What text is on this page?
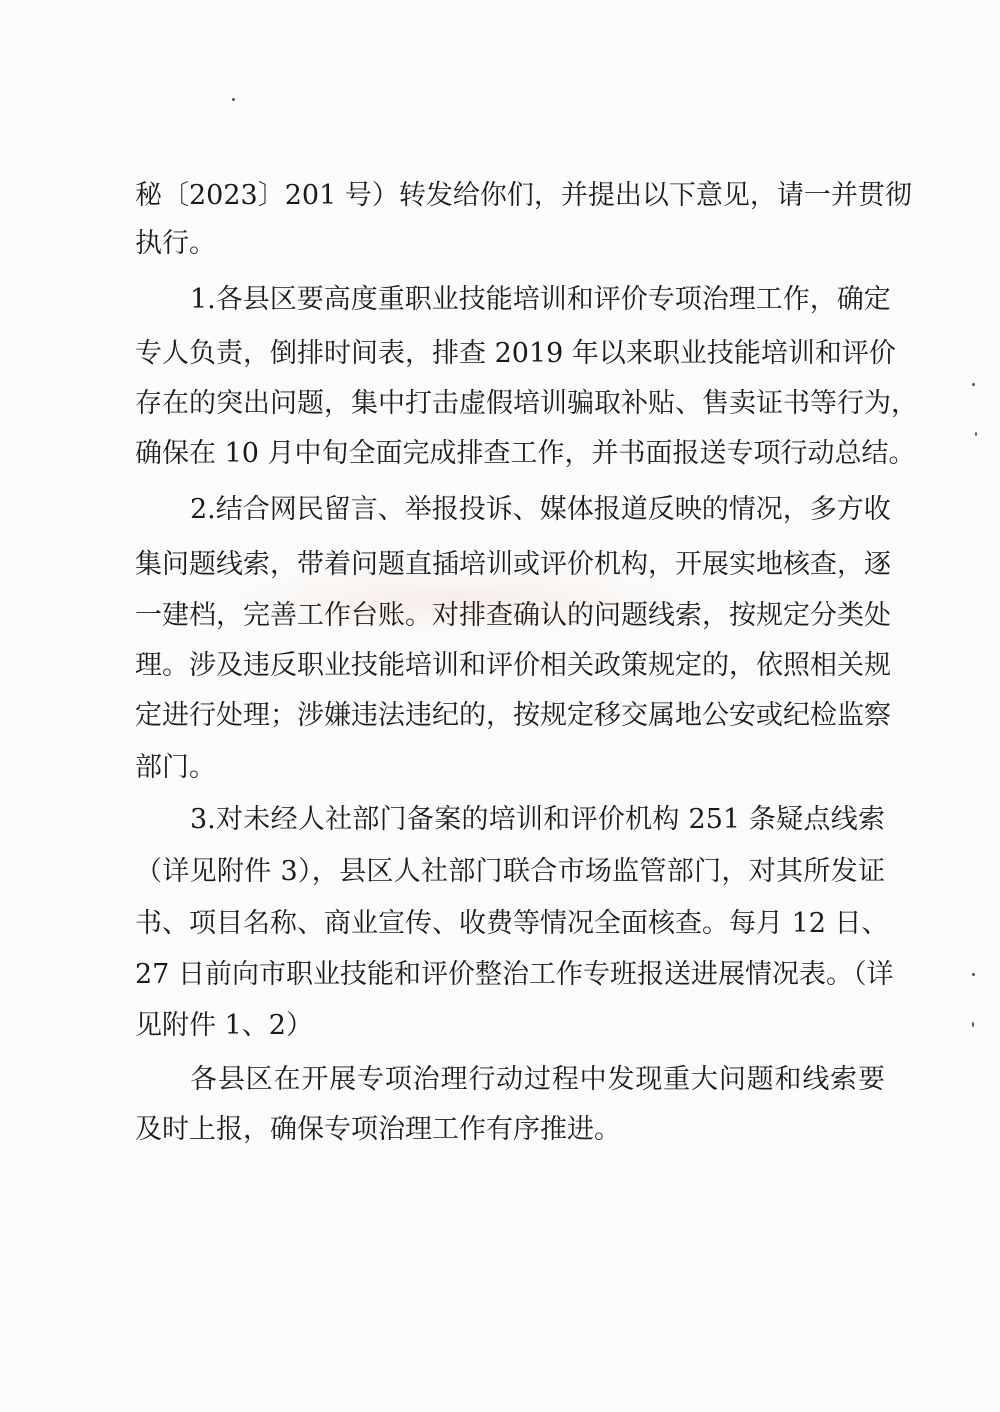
秘〔2023〕201 号）转发给你们，并提出以下意见，请一并贯彻
执行。
1.各县区要高度重职业技能培训和评价专项治理工作，确定
专人负责，倒排时间表，排查 2019 年以来职业技能培训和评价
存在的突出问题，集中打击虚假培训骗取补贴、售卖证书等行为，
确保在 10 月中旬全面完成排查工作，并书面报送专项行动总结。
2.结合网民留言、举报投诉、媒体报道反映的情况，多方收
集问题线索，带着问题直插培训或评价机构，开展实地核查，逐
一建档，完善工作台账。对排查确认的问题线索，按规定分类处
理。涉及违反职业技能培训和评价相关政策规定的，依照相关规
定进行处理；涉嫌违法违纪的，按规定移交属地公安或纪检监察
部门。
3.对未经人社部门备案的培训和评价机构 251 条疑点线索
（详见附件 3），县区人社部门联合市场监管部门，对其所发证
书、项目名称、商业宣传、收费等情况全面核查。每月 12 日、
27 日前向市职业技能和评价整治工作专班报送进展情况表。（详
见附件 1、2）
各县区在开展专项治理行动过程中发现重大问题和线索要
及时上报，确保专项治理工作有序推进。
